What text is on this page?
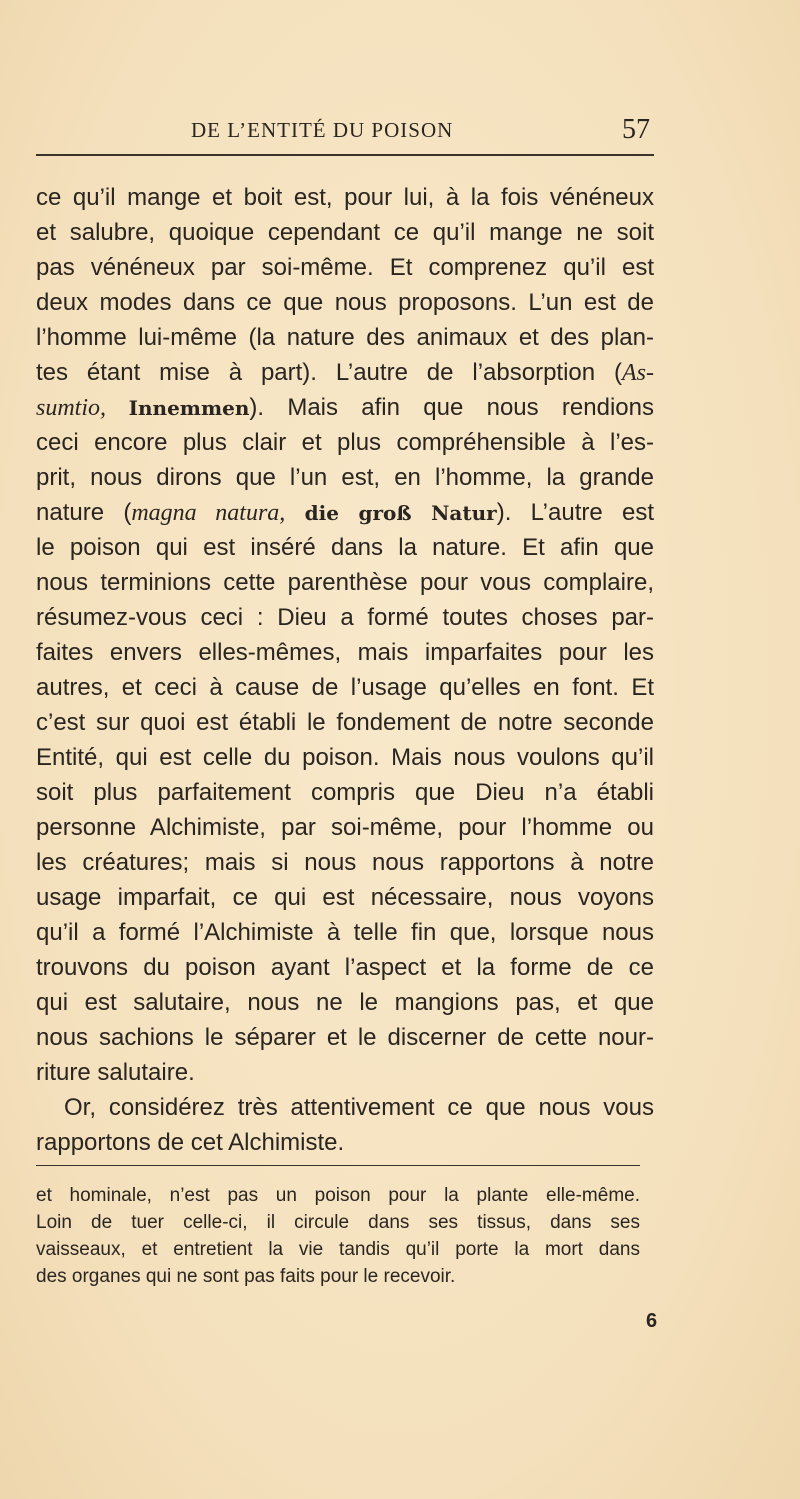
DE L’ENTITÉ DU POISON	57
ce qu’il mange et boit est, pour lui, à la fois vénéneux
et salubre, quoique cependant ce qu’il mange ne soit
pas vénéneux par soi-même. Et comprenez qu’il est
deux modes dans ce que nous proposons. L’un est de
l’homme lui-même (la nature des animaux et des plan-
tes étant mise à part). L’autre de l’absorption (As-
sumtio, Innemmen). Mais afin que nous rendions
ceci encore plus clair et plus compréhensible à l’es-
prit, nous dirons que l’un est, en l’homme, la grande
nature (magna natura, die groß Natur). L’autre est
le poison qui est inséré dans la nature. Et afin que
nous terminions cette parenthèse pour vous complaire,
résumez-vous ceci : Dieu a formé toutes choses par-
faites envers elles-mêmes, mais imparfaites pour les
autres, et ceci à cause de l’usage qu’elles en font. Et
c’est sur quoi est établi le fondement de notre seconde
Entité, qui est celle du poison. Mais nous voulons qu’il
soit plus parfaitement compris que Dieu n’a établi
personne Alchimiste, par soi-même, pour l’homme ou
les créatures; mais si nous nous rapportons à notre
usage imparfait, ce qui est nécessaire, nous voyons
qu’il a formé l’Alchimiste à telle fin que, lorsque nous
trouvons du poison ayant l’aspect et la forme de ce
qui est salutaire, nous ne le mangions pas, et que
nous sachions le séparer et le discerner de cette nour-
riture salutaire.
Or, considérez très attentivement ce que nous vous
rapportons de cet Alchimiste.
et hominale, n’est pas un poison pour la plante elle-même.
Loin de tuer celle-ci, il circule dans ses tissus, dans ses
vaisseaux, et entretient la vie tandis qu’il porte la mort dans
des organes qui ne sont pas faits pour le recevoir.
6
